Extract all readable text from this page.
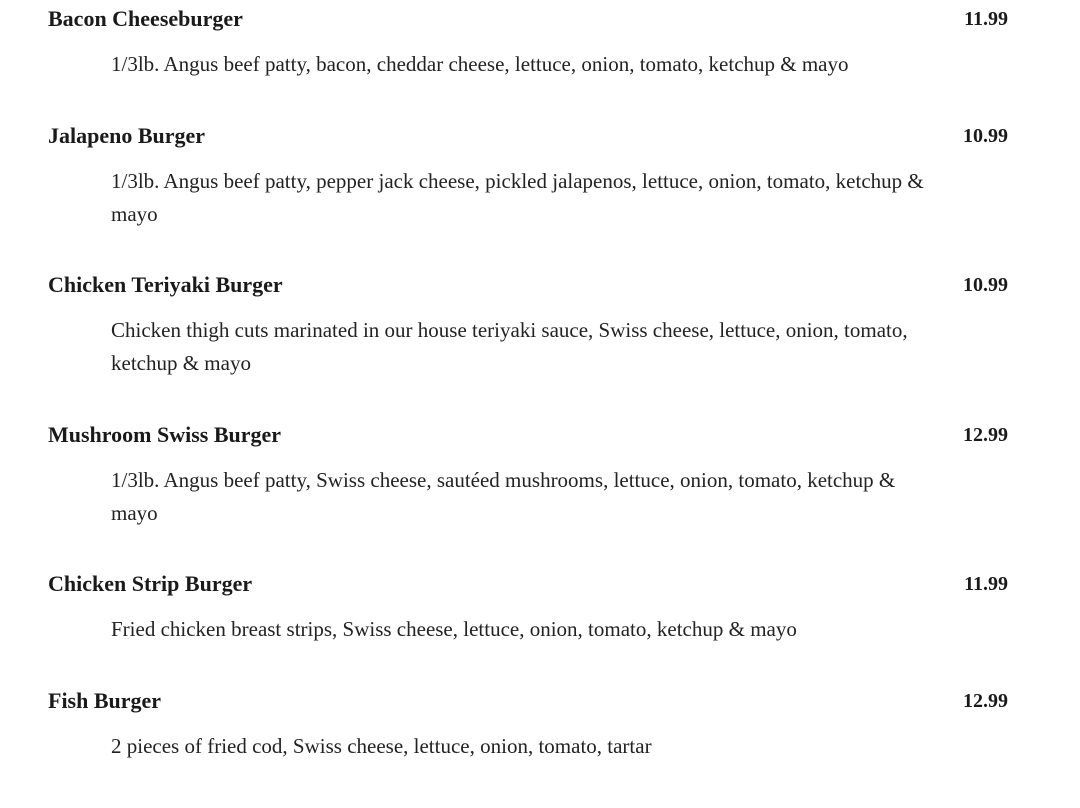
Bacon Cheeseburger	11.99

1/3lb. Angus beef patty, bacon, cheddar cheese, lettuce, onion, tomato, ketchup & mayo

Jalapeno Burger	10.99

1/3lb. Angus beef patty, pepper jack cheese, pickled jalapenos, lettuce, onion, tomato, ketchup & mayo

Chicken Teriyaki Burger	10.99

Chicken thigh cuts marinated in our house teriyaki sauce, Swiss cheese, lettuce, onion, tomato, ketchup & mayo

Mushroom Swiss Burger	12.99

1/3lb. Angus beef patty, Swiss cheese, sautéed mushrooms, lettuce, onion, tomato, ketchup & mayo

Chicken Strip Burger	11.99

Fried chicken breast strips, Swiss cheese, lettuce, onion, tomato, ketchup & mayo

Fish Burger	12.99

2 pieces of fried cod, Swiss cheese, lettuce, onion, tomato, tartar
